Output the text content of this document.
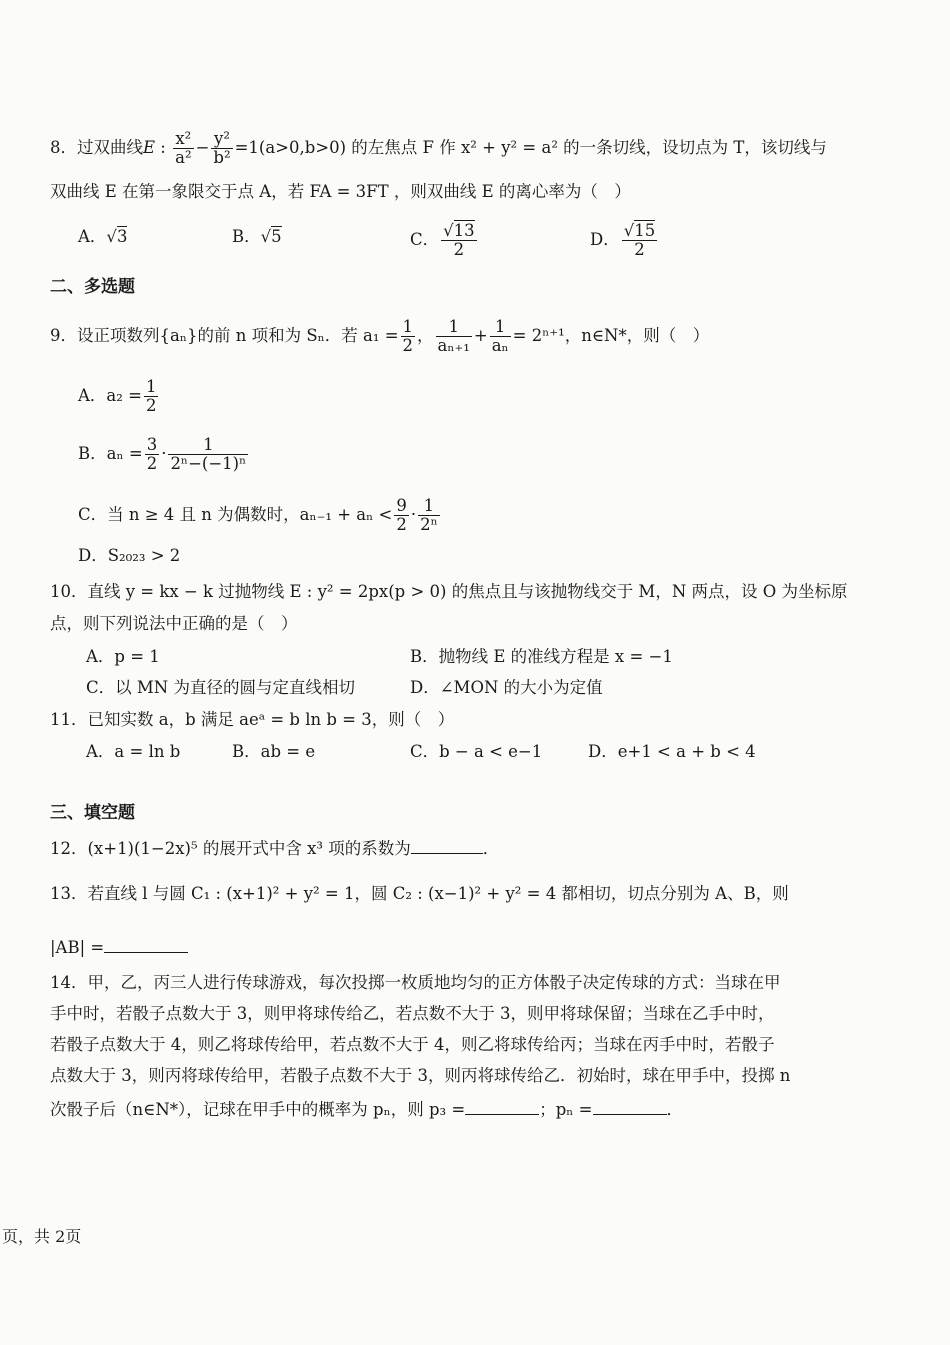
8．过双曲线E : $\frac{\text{x²}}{\text{a²}} - \frac{\text{y²}}{\text{b²}} =1(a>0,b>0)$ 的左焦点 F 作 x² + y² = a² 的一条切线，设切点为 T，该切线与
双曲线 E 在第一象限交于点 A，若 FA = 3FT ，则双曲线 E 的离心率为（　）
A． √ 3	B． √ 5	C． √ $\frac{13}{2}$	D． √ $\frac{15}{2}$
二、多选题
9．设正项数列{aₙ}的前 n 项和为 Sₙ．若 $a_1 = \frac{1}{2}$ ， $\frac{1}{\text{aₙ₊₁}} + \frac{1}{\text{aₙ}} = 2^{n+1}$，n∈N*，则（　）
A．$a_2 = \frac{1}{2}$
B．$a_n = \frac{3}{2} \cdot \frac{1}{\text{2ⁿ−(−1)ⁿ}}$
C．当 n ≥ 4 且 n 为偶数时，$a_{n-1} + a_n < \frac{9}{2} \cdot \frac{1}{\text{2ⁿ}}$
D．S₂₀₂₃ > 2
10．直线 y = kx − k 过抛物线 E : y² = 2px(p > 0) 的焦点且与该抛物线交于 M，N 两点，设 O 为坐标原
点，则下列说法中正确的是（　）
A．p = 1	B．抛物线 E 的准线方程是 x = −1
C．以 MN 为直径的圆与定直线相切	D．∠MON 的大小为定值
11．已知实数 a，b 满足 aeᵃ = b ln b = 3，则（　）
A．a = ln b	B．ab = e	C．b − a < e−1	D．e+1 < a + b < 4
三、填空题
12．(x+1)(1−2x)⁵ 的展开式中含 x³ 项的系数为	．
13．若直线 l 与圆 C₁ : (x+1)² + y² = 1，圆 C₂ : (x−1)² + y² = 4 都相切，切点分别为 A、B，则
|AB| =
14．甲，乙，丙三人进行传球游戏，每次投掷一枚质地均匀的正方体骰子决定传球的方式：当球在甲
手中时，若骰子点数大于 3，则甲将球传给乙，若点数不大于 3，则甲将球保留；当球在乙手中时，
若骰子点数大于 4，则乙将球传给甲，若点数不大于 4，则乙将球传给丙；当球在丙手中时，若骰子
点数大于 3，则丙将球传给甲，若骰子点数不大于 3，则丙将球传给乙．初始时，球在甲手中，投掷 n
次骰子后（n∈N*），记球在甲手中的概率为 pₙ，则 p₃ =	；pₙ =	．
页，共 2页
